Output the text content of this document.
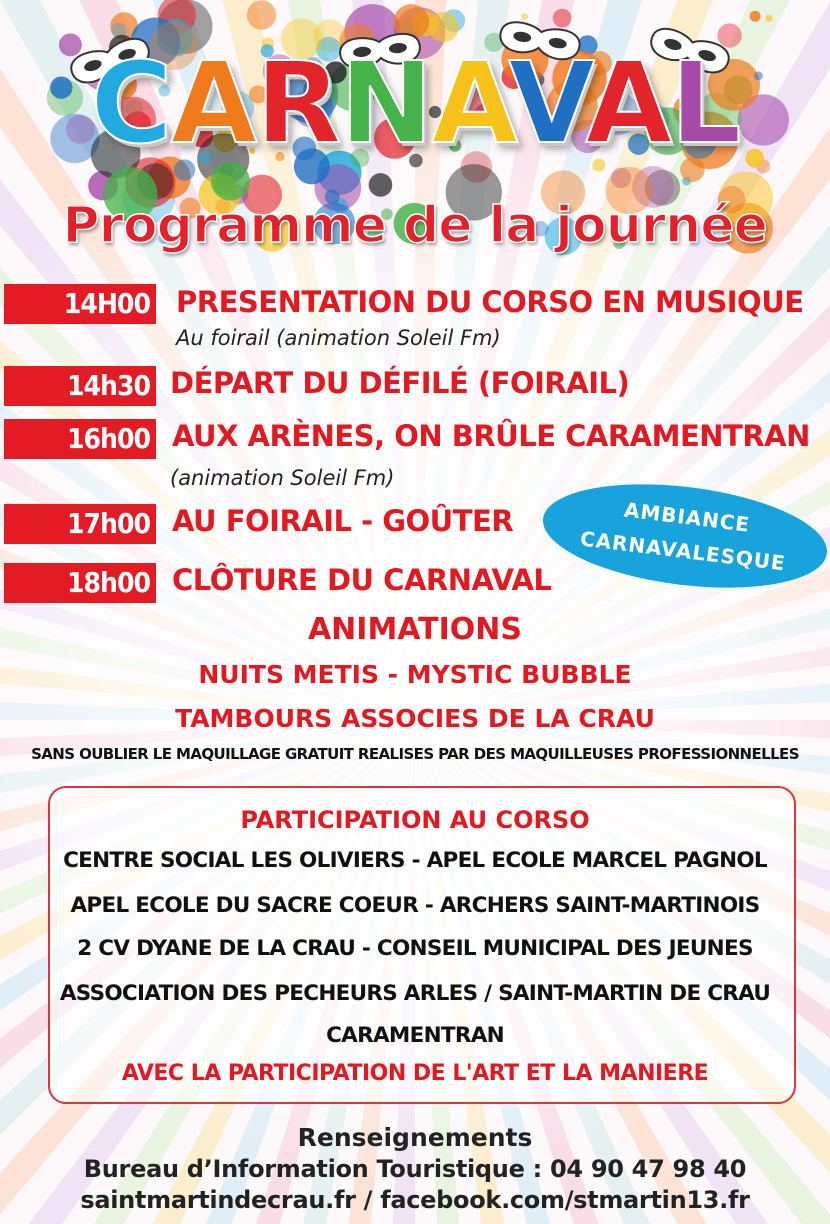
CARNAVAL
Programme de la journée
14H00 PRESENTATION DU CORSO EN MUSIQUE
Au foirail (animation Soleil Fm)
14h30 DÉPART DU DÉFILÉ (FOIRAIL)
16h00 AUX ARÈNES, ON BRÛLE CARAMENTRAN
(animation Soleil Fm)
17h00 AU FOIRAIL - GOÛTER
18h00 CLÔTURE DU CARNAVAL
AMBIANCE
CARNAVALESQUE
ANIMATIONS
NUITS METIS - MYSTIC BUBBLE
TAMBOURS ASSOCIES DE LA CRAU
SANS OUBLIER LE MAQUILLAGE GRATUIT REALISES PAR DES MAQUILLEUSES PROFESSIONNELLES
PARTICIPATION AU CORSO
CENTRE SOCIAL LES OLIVIERS - APEL ECOLE MARCEL PAGNOL
APEL ECOLE DU SACRE COEUR - ARCHERS SAINT-MARTINOIS
2 CV DYANE DE LA CRAU - CONSEIL MUNICIPAL DES JEUNES
ASSOCIATION DES PECHEURS ARLES / SAINT-MARTIN DE CRAU
CARAMENTRAN
AVEC LA PARTICIPATION DE L'ART ET LA MANIERE
Renseignements
Bureau d’Information Touristique : 04 90 47 98 40
saintmartindecrau.fr / facebook.com/stmartin13.fr
